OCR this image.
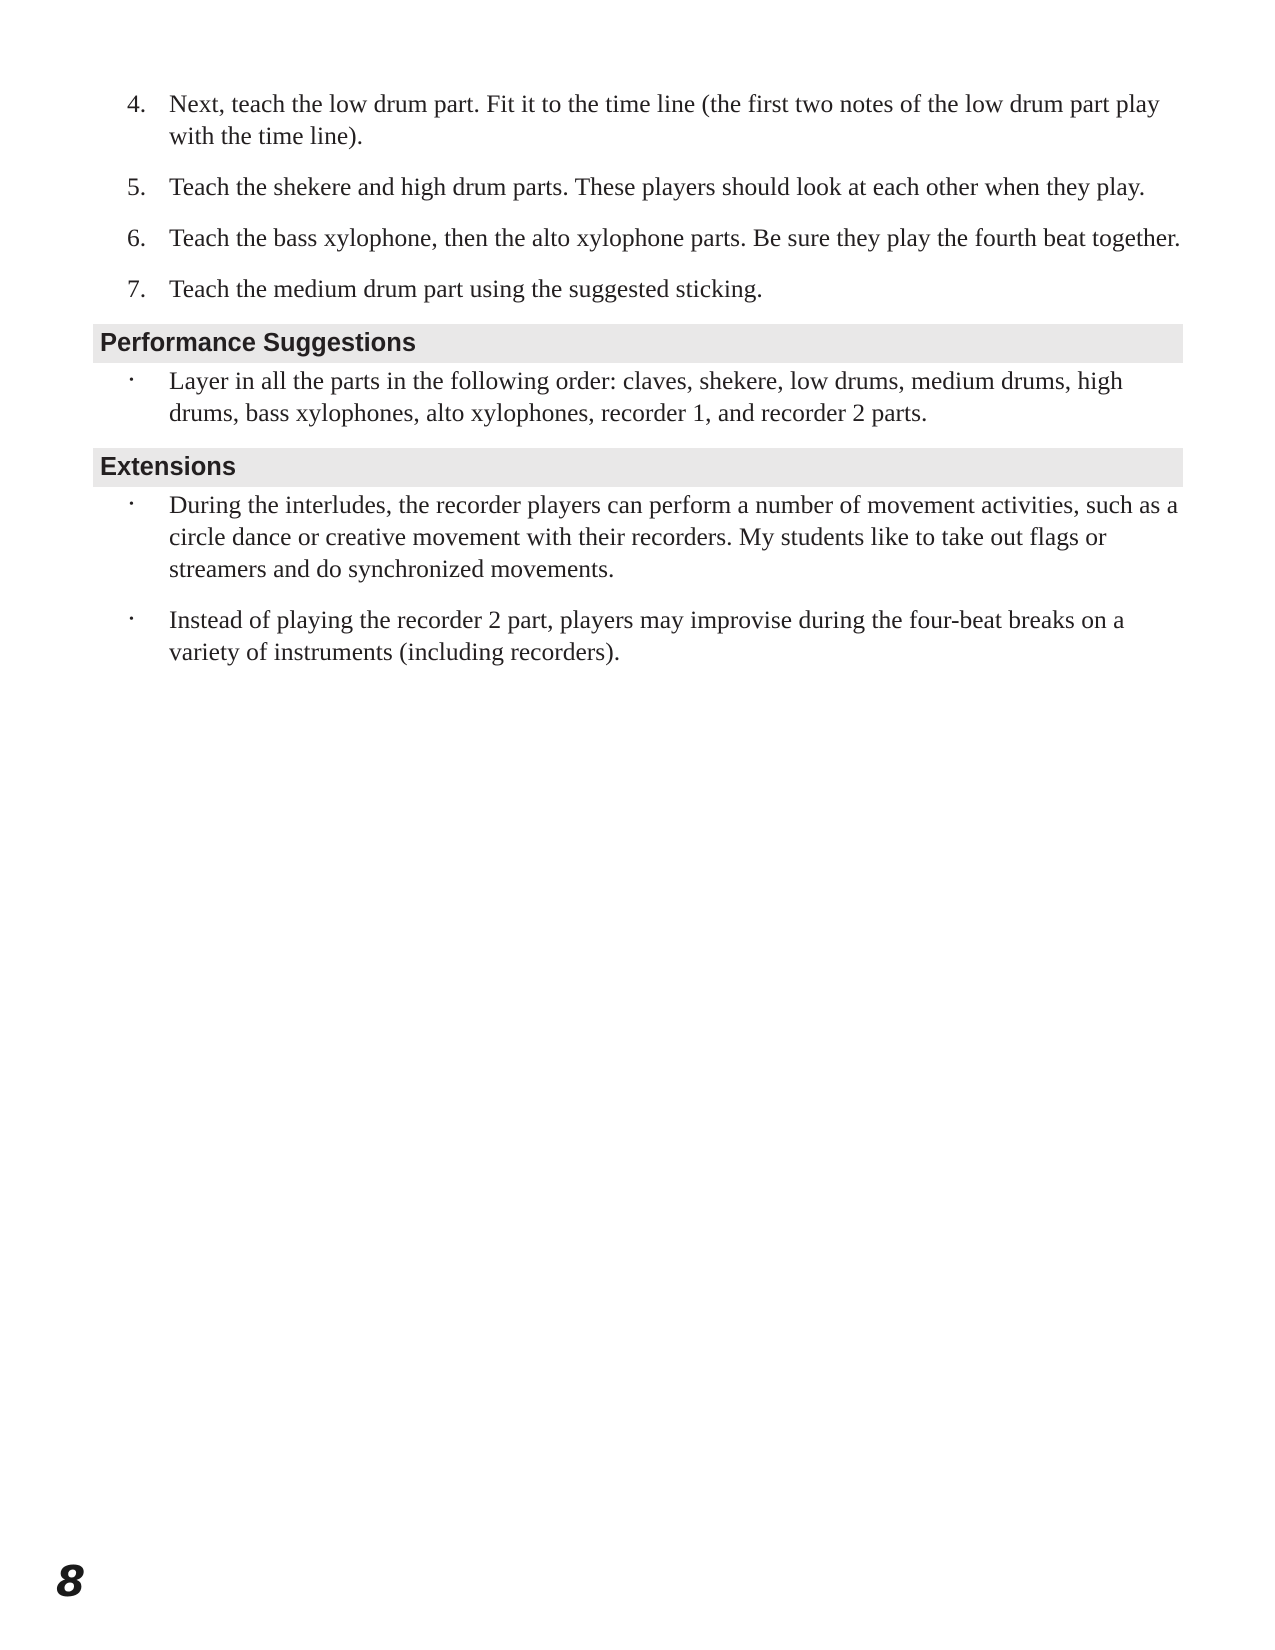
4. Next, teach the low drum part. Fit it to the time line (the first two notes of the low drum part play with the time line).
5. Teach the shekere and high drum parts. These players should look at each other when they play.
6. Teach the bass xylophone, then the alto xylophone parts. Be sure they play the fourth beat together.
7. Teach the medium drum part using the suggested sticking.
Performance Suggestions
• Layer in all the parts in the following order: claves, shekere, low drums, medium drums, high drums, bass xylophones, alto xylophones, recorder 1, and recorder 2 parts.
Extensions
• During the interludes, the recorder players can perform a number of movement activities, such as a circle dance or creative movement with their recorders. My students like to take out flags or streamers and do synchronized movements.
• Instead of playing the recorder 2 part, players may improvise during the four-beat breaks on a variety of instruments (including recorders).
8
